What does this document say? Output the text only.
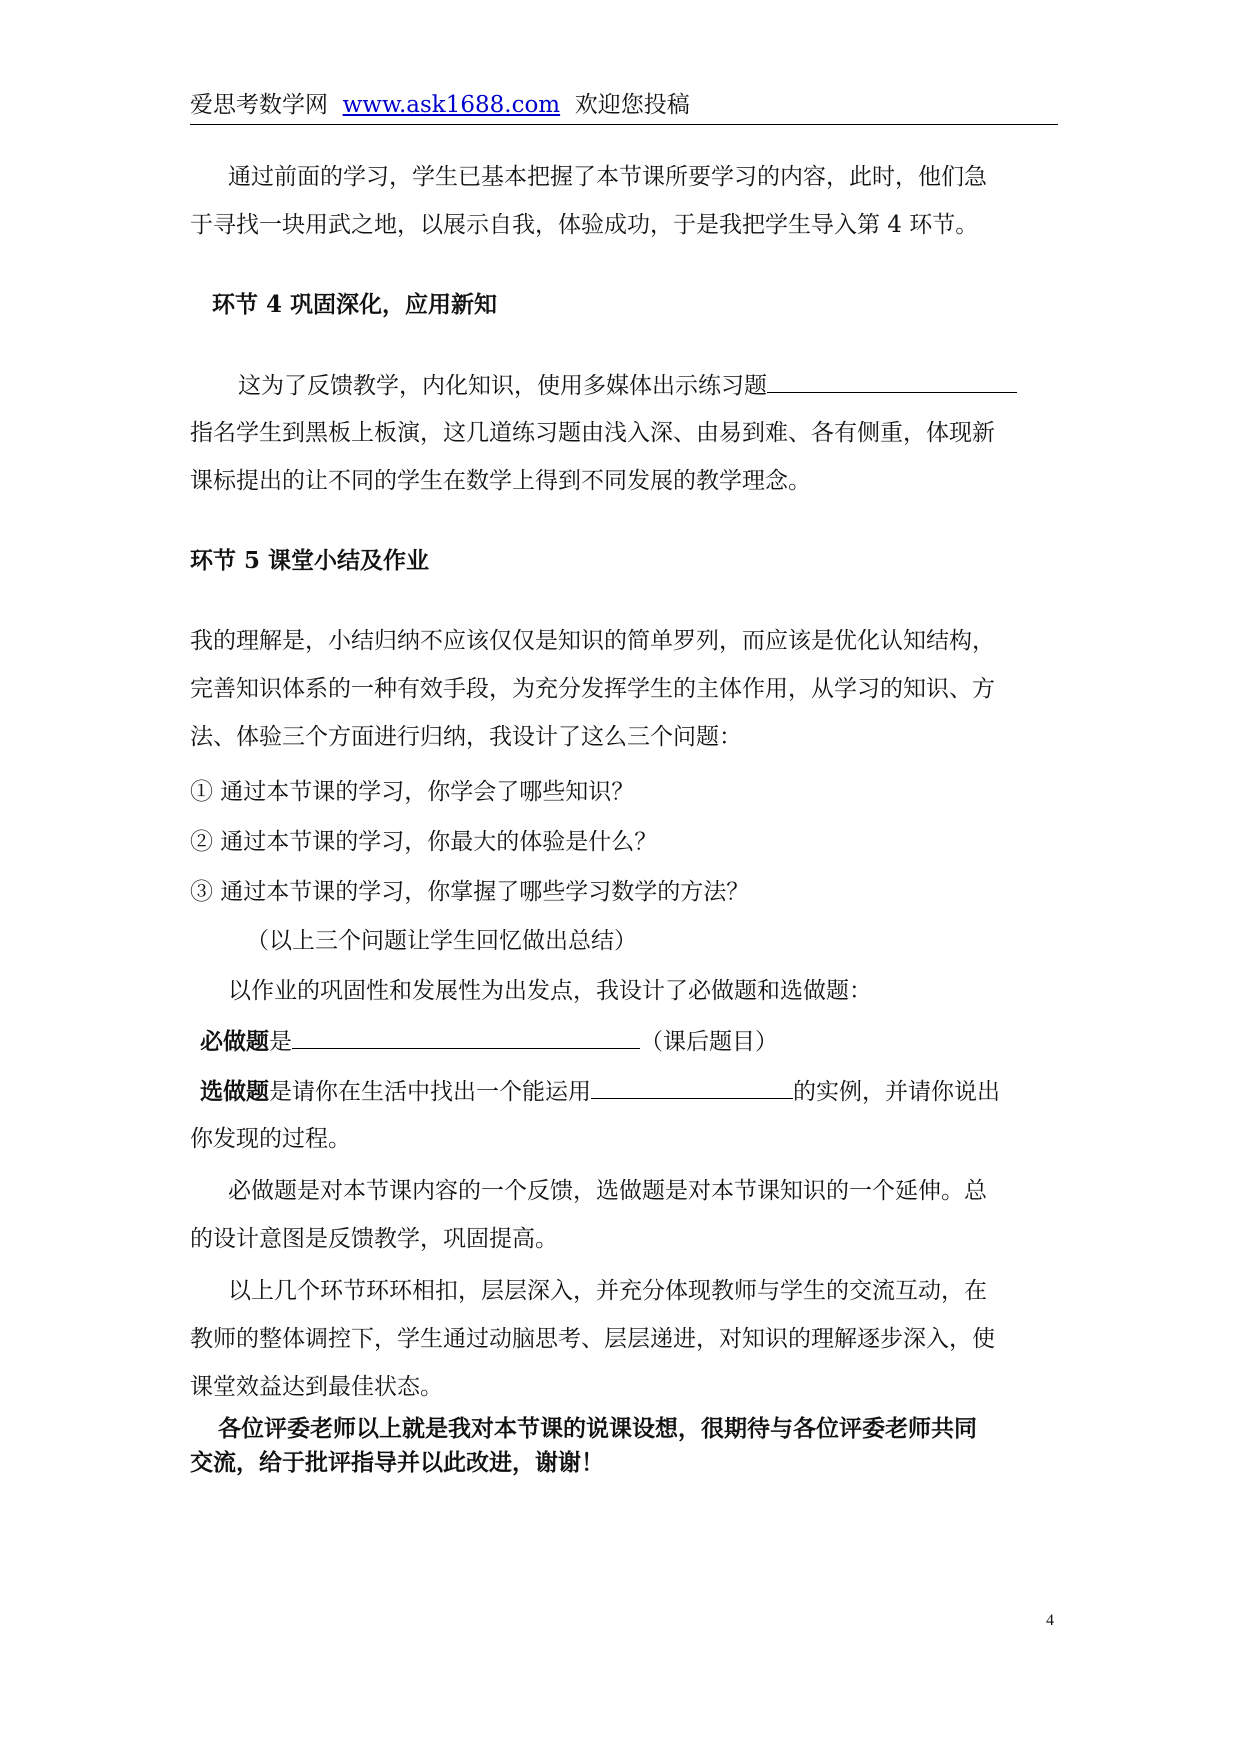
爱思考数学网 www.ask1688.com 欢迎您投稿
通过前面的学习，学生已基本把握了本节课所要学习的内容，此时，他们急
于寻找一块用武之地，以展示自我，体验成功，于是我把学生导入第 4 环节。
环节 4 巩固深化，应用新知
这为了反馈教学，内化知识，使用多媒体出示练习题
指名学生到黑板上板演，这几道练习题由浅入深、由易到难、各有侧重，体现新
课标提出的让不同的学生在数学上得到不同发展的教学理念。
环节 5 课堂小结及作业
我的理解是，小结归纳不应该仅仅是知识的简单罗列，而应该是优化认知结构，
完善知识体系的一种有效手段，为充分发挥学生的主体作用，从学习的知识、方
法、体验三个方面进行归纳，我设计了这么三个问题：
① 通过本节课的学习，你学会了哪些知识？
② 通过本节课的学习，你最大的体验是什么？
③ 通过本节课的学习，你掌握了哪些学习数学的方法？
（以上三个问题让学生回忆做出总结）
以作业的巩固性和发展性为出发点，我设计了必做题和选做题：
必做题是	（课后题目）
选做题是请你在生活中找出一个能运用	的实例，并请你说出
你发现的过程。
必做题是对本节课内容的一个反馈，选做题是对本节课知识的一个延伸。总
的设计意图是反馈教学，巩固提高。
以上几个环节环环相扣，层层深入，并充分体现教师与学生的交流互动，在
教师的整体调控下，学生通过动脑思考、层层递进，对知识的理解逐步深入，使
课堂效益达到最佳状态。
各位评委老师以上就是我对本节课的说课设想，很期待与各位评委老师共同
交流，给于批评指导并以此改进，谢谢！
4
